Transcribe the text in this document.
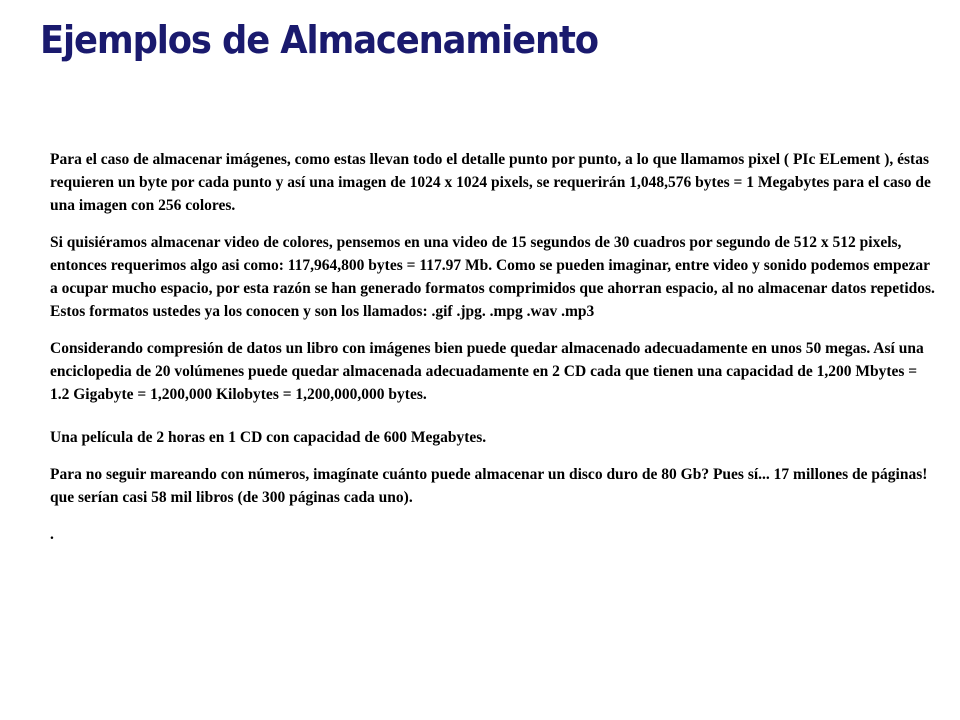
Ejemplos de Almacenamiento

Para el caso de almacenar imágenes, como estas llevan todo el detalle punto por punto, a lo que llamamos pixel ( PIc ELement ), éstas requieren un byte por cada punto y así una imagen de 1024 x 1024 pixels, se requerirán 1,048,576 bytes = 1 Megabytes para el caso de una imagen con 256 colores.

Si quisiéramos almacenar video de colores, pensemos en una video de 15 segundos de 30 cuadros por segundo de 512 x 512 pixels, entonces requerimos algo asi como: 117,964,800 bytes = 117.97 Mb. Como se pueden imaginar, entre video y sonido podemos empezar a ocupar mucho espacio, por esta razón se han generado formatos comprimidos que ahorran espacio, al no almacenar datos repetidos. Estos formatos ustedes ya los conocen y son los llamados: .gif .jpg. .mpg .wav .mp3

Considerando compresión de datos un libro con imágenes bien puede quedar almacenado adecuadamente en unos 50 megas. Así una enciclopedia de 20 volúmenes puede quedar almacenada adecuadamente en 2 CD cada que tienen una capacidad de 1,200 Mbytes = 1.2 Gigabyte = 1,200,000 Kilobytes = 1,200,000,000 bytes.

Una película de 2 horas en 1 CD con capacidad de 600 Megabytes.

Para no seguir mareando con números, imagínate cuánto puede almacenar un disco duro de 80 Gb? Pues sí... 17 millones de páginas! que serían casi 58 mil libros (de 300 páginas cada uno).

.
